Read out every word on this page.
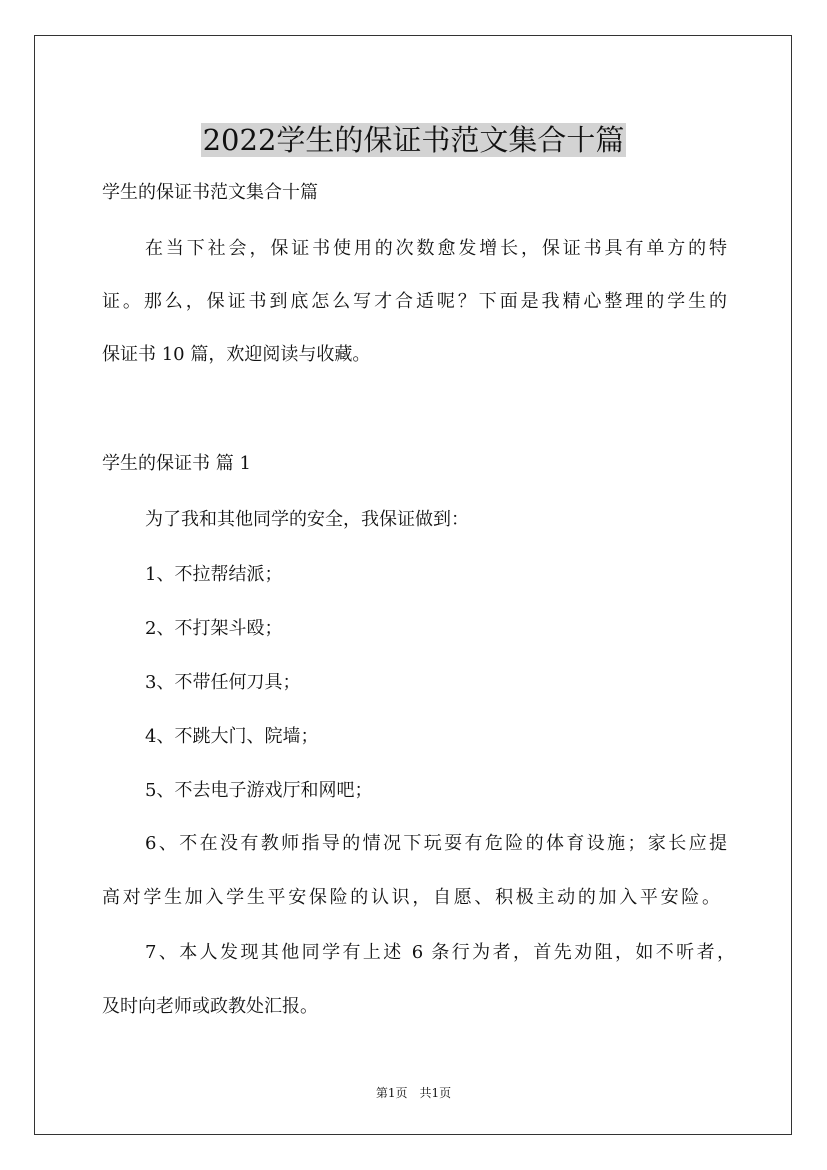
2022学生的保证书范文集合十篇
学生的保证书范文集合十篇
在当下社会，保证书使用的次数愈发增长，保证书具有单方的特
证。那么，保证书到底怎么写才合适呢？下面是我精心整理的学生的
保证书 10 篇，欢迎阅读与收藏。
学生的保证书 篇 1
为了我和其他同学的安全，我保证做到：
1、不拉帮结派；
2、不打架斗殴；
3、不带任何刀具；
4、不跳大门、院墙；
5、不去电子游戏厅和网吧；
6、不在没有教师指导的情况下玩耍有危险的体育设施；家长应提
高对学生加入学生平安保险的认识，自愿、积极主动的加入平安险。
7、本人发现其他同学有上述 6 条行为者，首先劝阻，如不听者，
及时向老师或政教处汇报。
第1页 共1页
